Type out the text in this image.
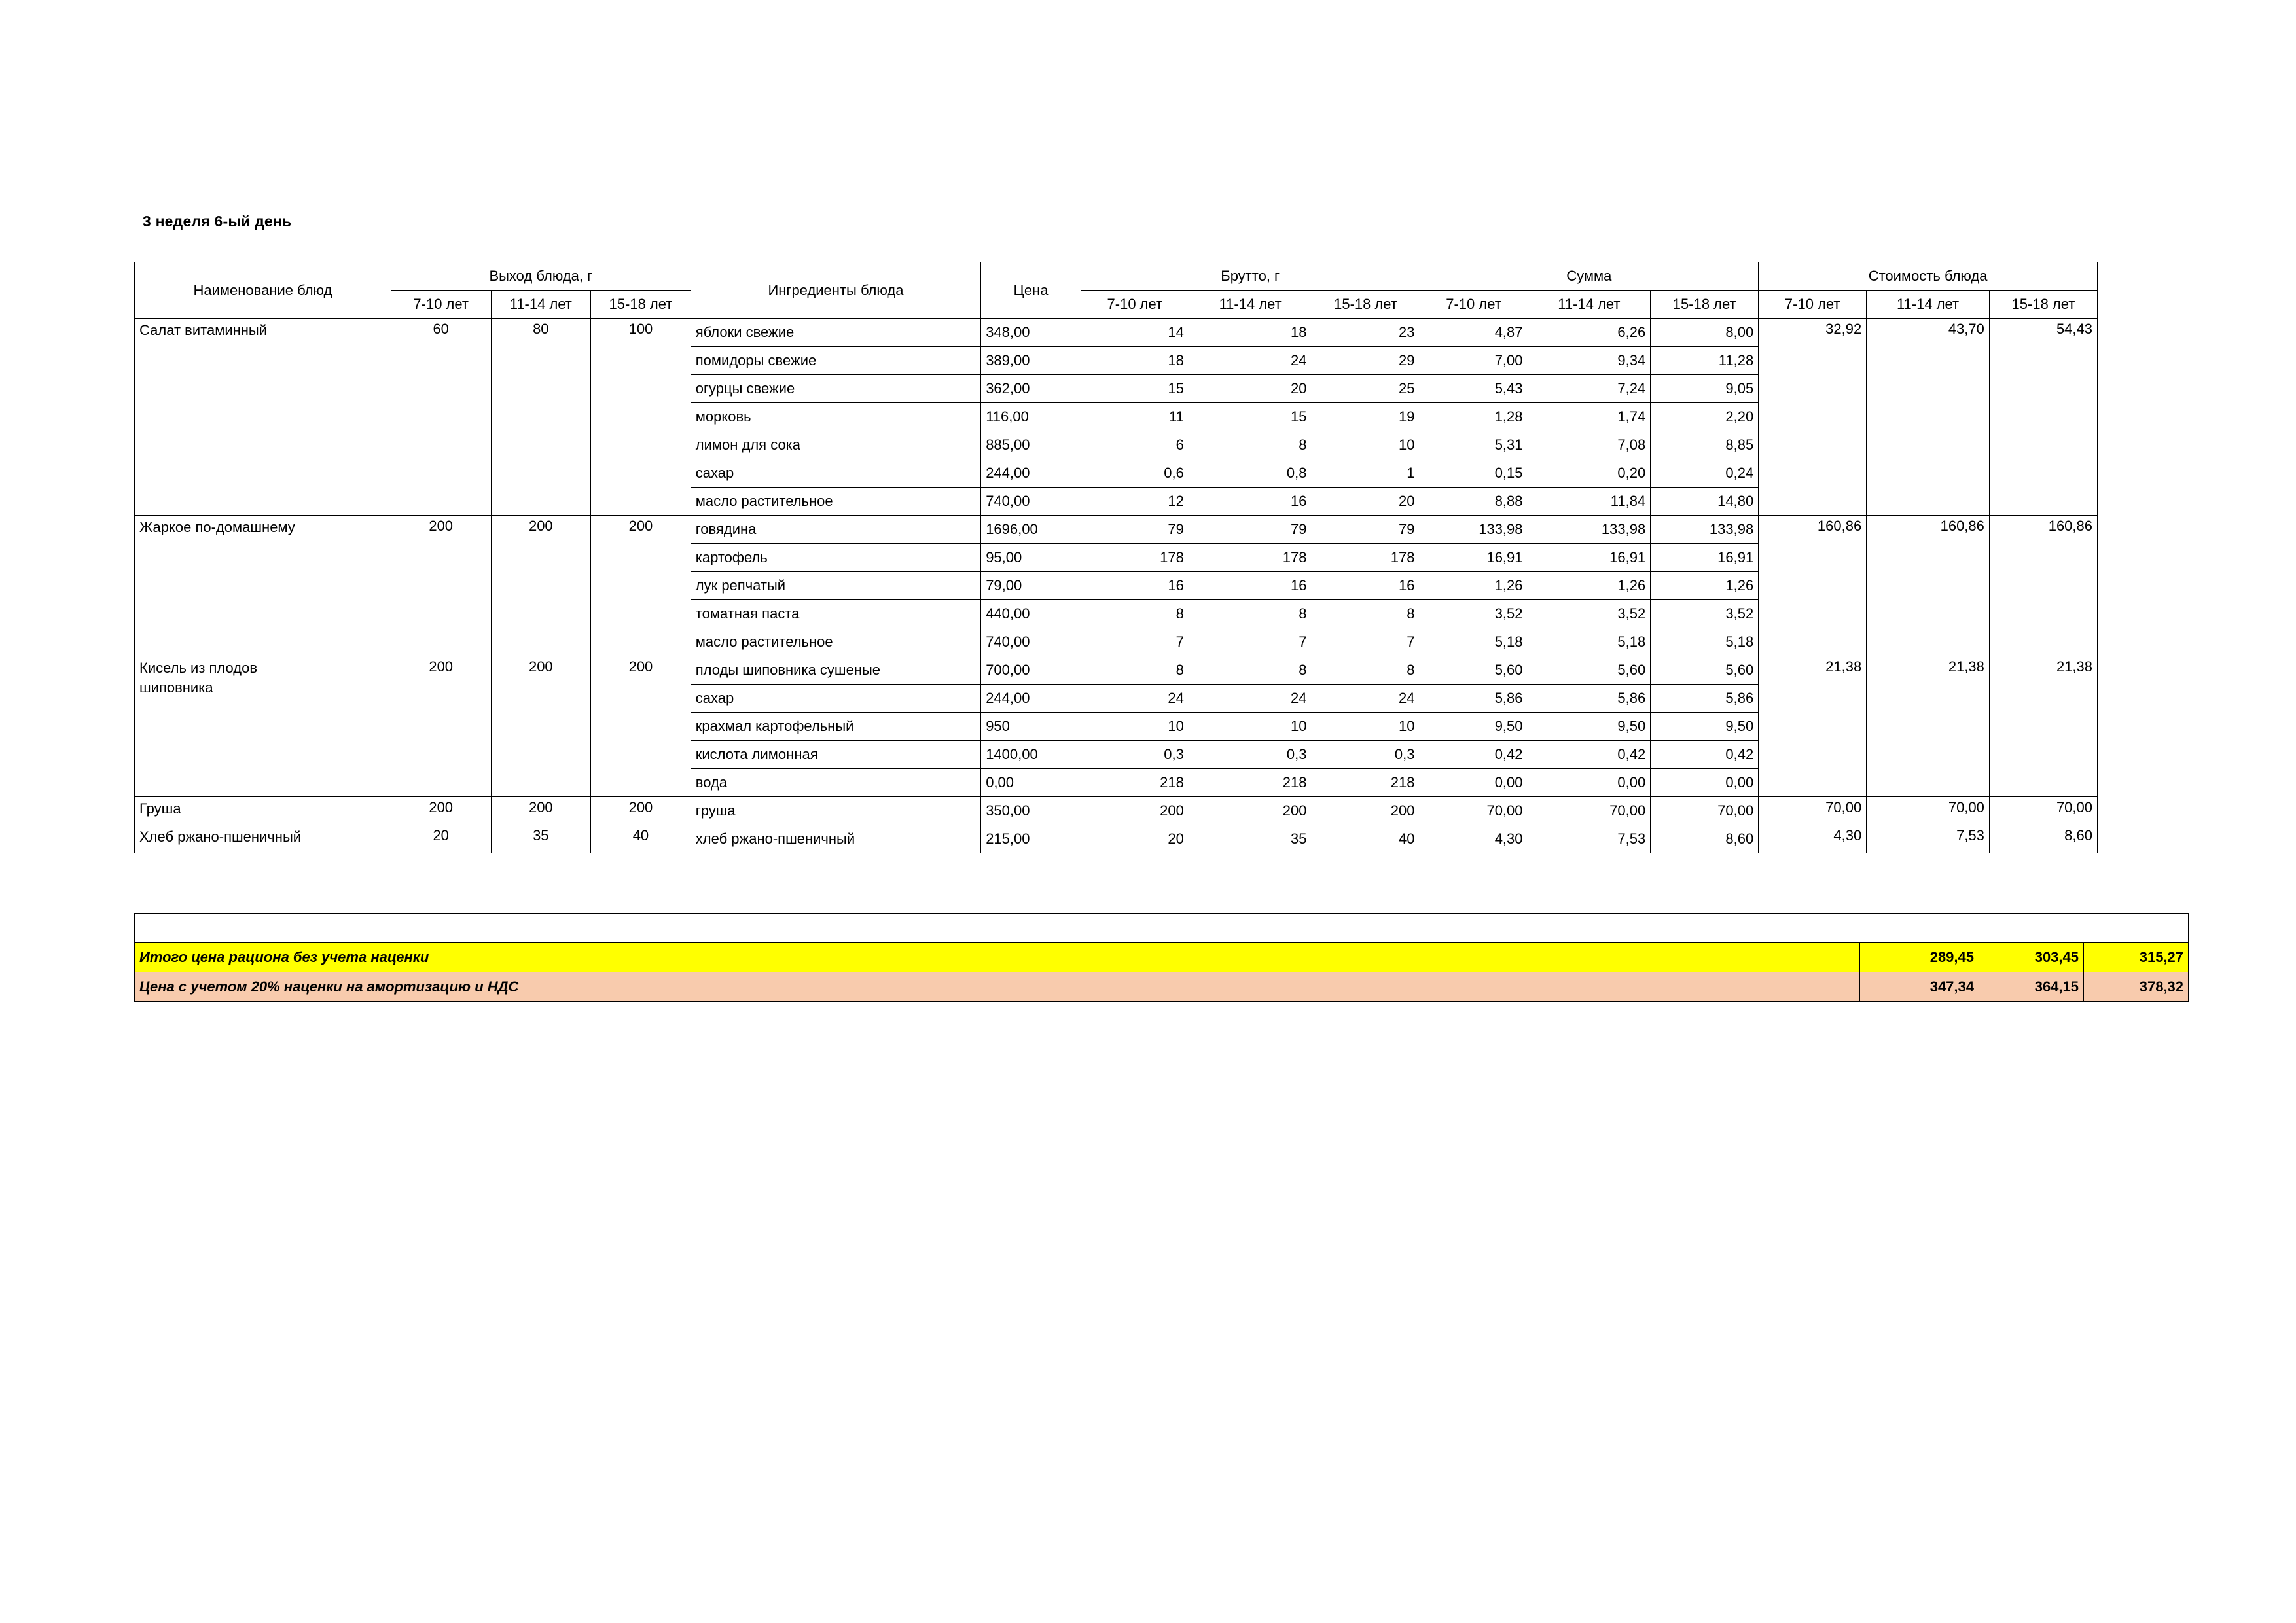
3 неделя 6-ый день
Наименование блюд	Выход блюда, г			Ингредиенты блюда	Цена	Брутто, г			Сумма			Стоимость блюда		
	7-10 лет	11-14 лет	15-18 лет			7-10 лет	11-14 лет	15-18 лет	7-10 лет	11-14 лет	15-18 лет	7-10 лет	11-14 лет	15-18 лет
Салат витаминный	60	80	100	яблоки свежие	348,00	14	18	23	4,87	6,26	8,00	32,92	43,70	54,43
				помидоры свежие	389,00	18	24	29	7,00	9,34	11,28			
				огурцы свежие	362,00	15	20	25	5,43	7,24	9,05			
				морковь	116,00	11	15	19	1,28	1,74	2,20			
				лимон для сока	885,00	6	8	10	5,31	7,08	8,85			
				сахар	244,00	0,6	0,8	1	0,15	0,20	0,24			
				масло растительное	740,00	12	16	20	8,88	11,84	14,80			
Жаркое по-домашнему	200	200	200	говядина	1696,00	79	79	79	133,98	133,98	133,98	160,86	160,86	160,86
				картофель	95,00	178	178	178	16,91	16,91	16,91			
				лук репчатый	79,00	16	16	16	1,26	1,26	1,26			
				томатная паста	440,00	8	8	8	3,52	3,52	3,52			
				масло растительное	740,00	7	7	7	5,18	5,18	5,18			

Кисель из плодов
шиповника	200	200	200	плоды шиповника сушеные	700,00	8	8	8	5,60	5,60	5,60	21,38	21,38	21,38
				сахар	244,00	24	24	24	5,86	5,86	5,86			
				крахмал картофельный	950	10	10	10	9,50	9,50	9,50			
				кислота лимонная	1400,00	0,3	0,3	0,3	0,42	0,42	0,42			
				вода	0,00	218	218	218	0,00	0,00	0,00			
Груша	200	200	200	груша	350,00	200	200	200	70,00	70,00	70,00	70,00	70,00	70,00
Хлеб ржано-пшеничный	20	35	40	хлеб ржано-пшеничный	215,00	20	35	40	4,30	7,53	8,60	4,30	7,53	8,60

Итого цена рациона без учета наценки	289,45	303,45	315,27
Цена с учетом 20% наценки на амортизацию и НДС	347,34	364,15	378,32
